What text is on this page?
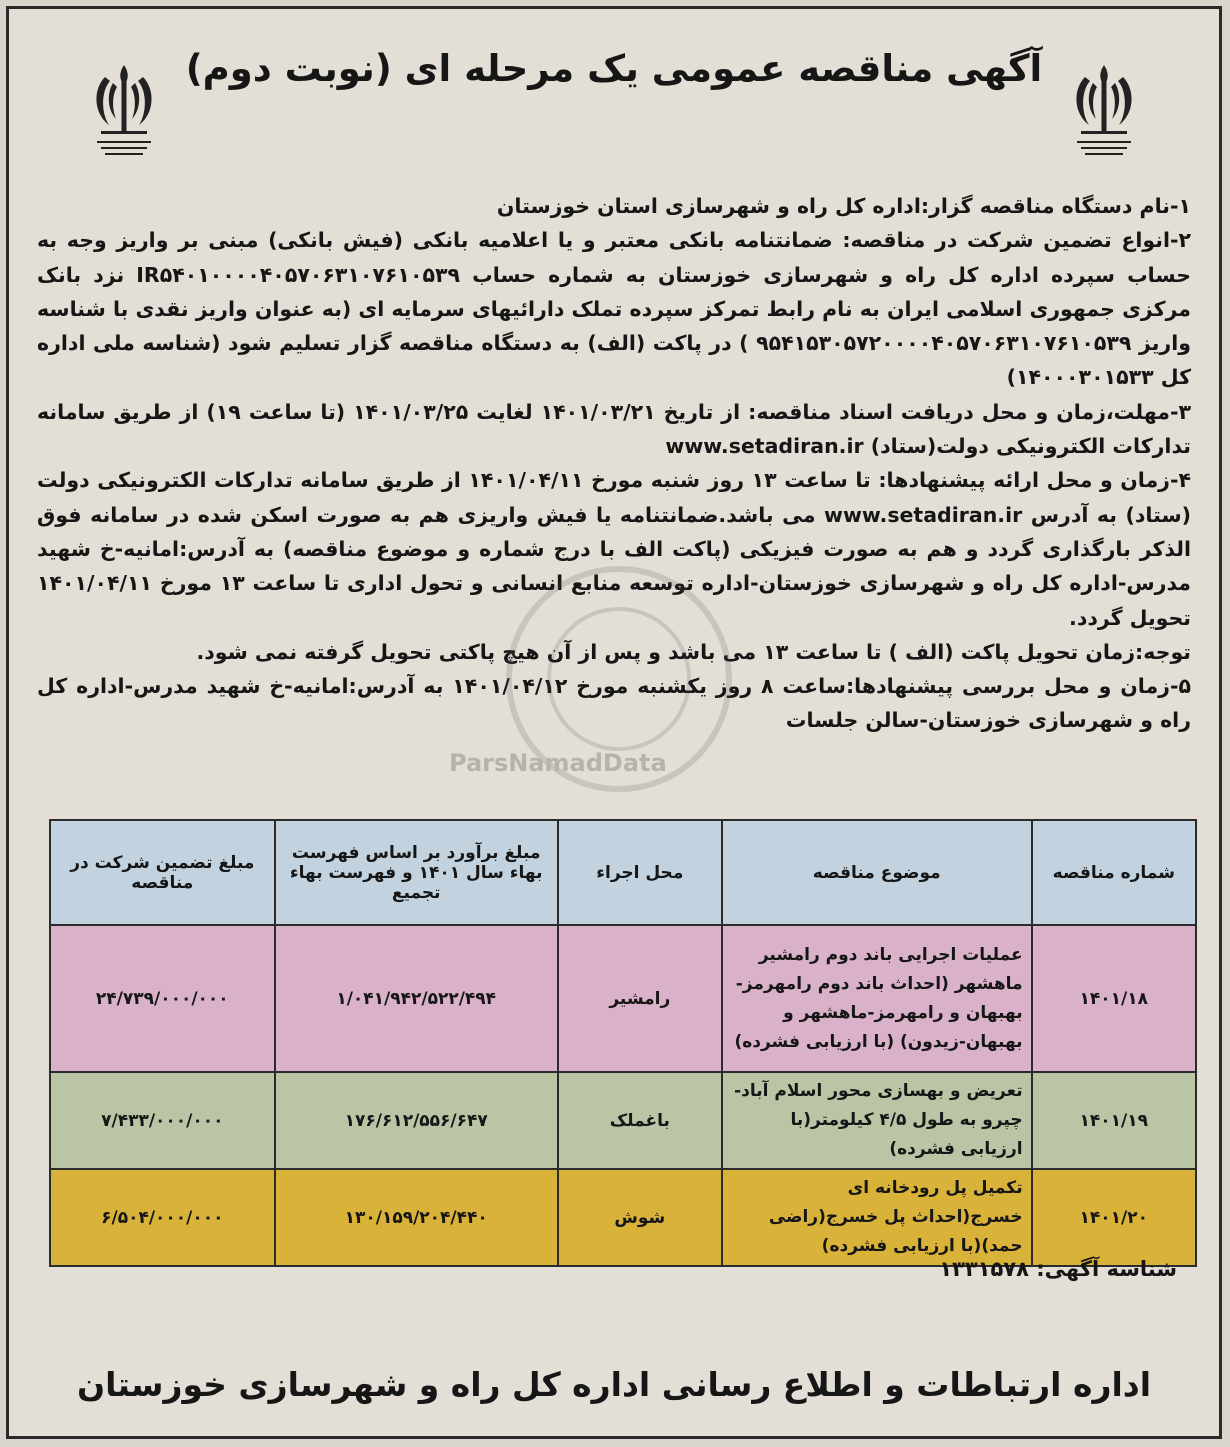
آگهی مناقصه عمومی یک مرحله ای (نوبت دوم)

۱-نام دستگاه مناقصه گزار:اداره کل راه و شهرسازی استان خوزستان

۲-انواع تضمین شرکت در مناقصه: ضمانتنامه بانکی معتبر و یا اعلامیه بانکی (فیش بانکی) مبنی بر واریز وجه به حساب سپرده اداره کل راه و شهرسازی خوزستان به شماره حساب IR۵۴۰۱۰۰۰۰۴۰۵۷۰۶۳۱۰۷۶۱۰۵۳۹ نزد بانک مرکزی جمهوری اسلامی ایران به نام رابط تمرکز سپرده تملک دارائیهای سرمایه ای (به عنوان واریز نقدی با شناسه واریز ۹۵۴۱۵۳۰۵۷۲۰۰۰۰۴۰۵۷۰۶۳۱۰۷۶۱۰۵۳۹ ) در پاکت (الف) به دستگاه مناقصه گزار تسلیم شود (شناسه ملی اداره کل ۱۴۰۰۰۳۰۱۵۳۳)

۳-مهلت،زمان و محل دریافت اسناد مناقصه: از تاریخ ۱۴۰۱/۰۳/۲۱ لغایت ۱۴۰۱/۰۳/۲۵ (تا ساعت ۱۹) از طریق سامانه تدارکات الکترونیکی دولت(ستاد) www.setadiran.ir

۴-زمان و محل ارائه پیشنهادها: تا ساعت ۱۳ روز شنبه مورخ ۱۴۰۱/۰۴/۱۱ از طریق سامانه تدارکات الکترونیکی دولت (ستاد) به آدرس www.setadiran.ir می باشد.ضمانتنامه یا فیش واریزی هم به صورت اسکن شده در سامانه فوق الذکر بارگذاری گردد و هم به صورت فیزیکی (پاکت الف با درج شماره و موضوع مناقصه) به آدرس:امانیه-خ شهید مدرس-اداره کل راه و شهرسازی خوزستان-اداره توسعه منابع انسانی و تحول اداری تا ساعت ۱۳ مورخ ۱۴۰۱/۰۴/۱۱ تحویل گردد.

توجه:زمان تحویل پاکت (الف ) تا ساعت ۱۳ می باشد و پس از آن هیچ پاکتی تحویل گرفته نمی شود.

۵-زمان و محل بررسی پیشنهادها:ساعت ۸ روز یکشنبه مورخ ۱۴۰۱/۰۴/۱۲ به آدرس:امانیه-خ شهید مدرس-اداره کل راه و شهرسازی خوزستان-سالن جلسات

ParsNamadData
شماره مناقصه	موضوع مناقصه	محل اجراء	مبلغ برآورد بر اساس فهرست بهاء سال ۱۴۰۱ و فهرست بهاء تجمیع	مبلغ تضمین شرکت در مناقصه
۱۴۰۱/۱۸	عملیات اجرایی باند دوم رامشیر ماهشهر (احداث باند دوم رامهرمز-بهبهان و رامهرمز-ماهشهر و بهبهان-زیدون) (با ارزیابی فشرده)	رامشیر	۱/۰۴۱/۹۴۲/۵۲۲/۴۹۴	۲۴/۷۳۹/۰۰۰/۰۰۰
۱۴۰۱/۱۹	تعریض و بهسازی محور اسلام آباد-چپرو به طول ۴/۵ کیلومتر(با ارزیابی فشرده)	باغملک	۱۷۶/۶۱۲/۵۵۶/۶۴۷	۷/۴۳۳/۰۰۰/۰۰۰
۱۴۰۱/۲۰	تکمیل پل رودخانه ای خسرج(احداث پل خسرج(راضی حمد)(با ارزیابی فشرده)	شوش	۱۳۰/۱۵۹/۲۰۴/۴۴۰	۶/۵۰۴/۰۰۰/۰۰۰
شناسه آگهی: ۱۳۳۱۵۷۸
اداره ارتباطات و اطلاع رسانی اداره کل راه و شهرسازی خوزستان
